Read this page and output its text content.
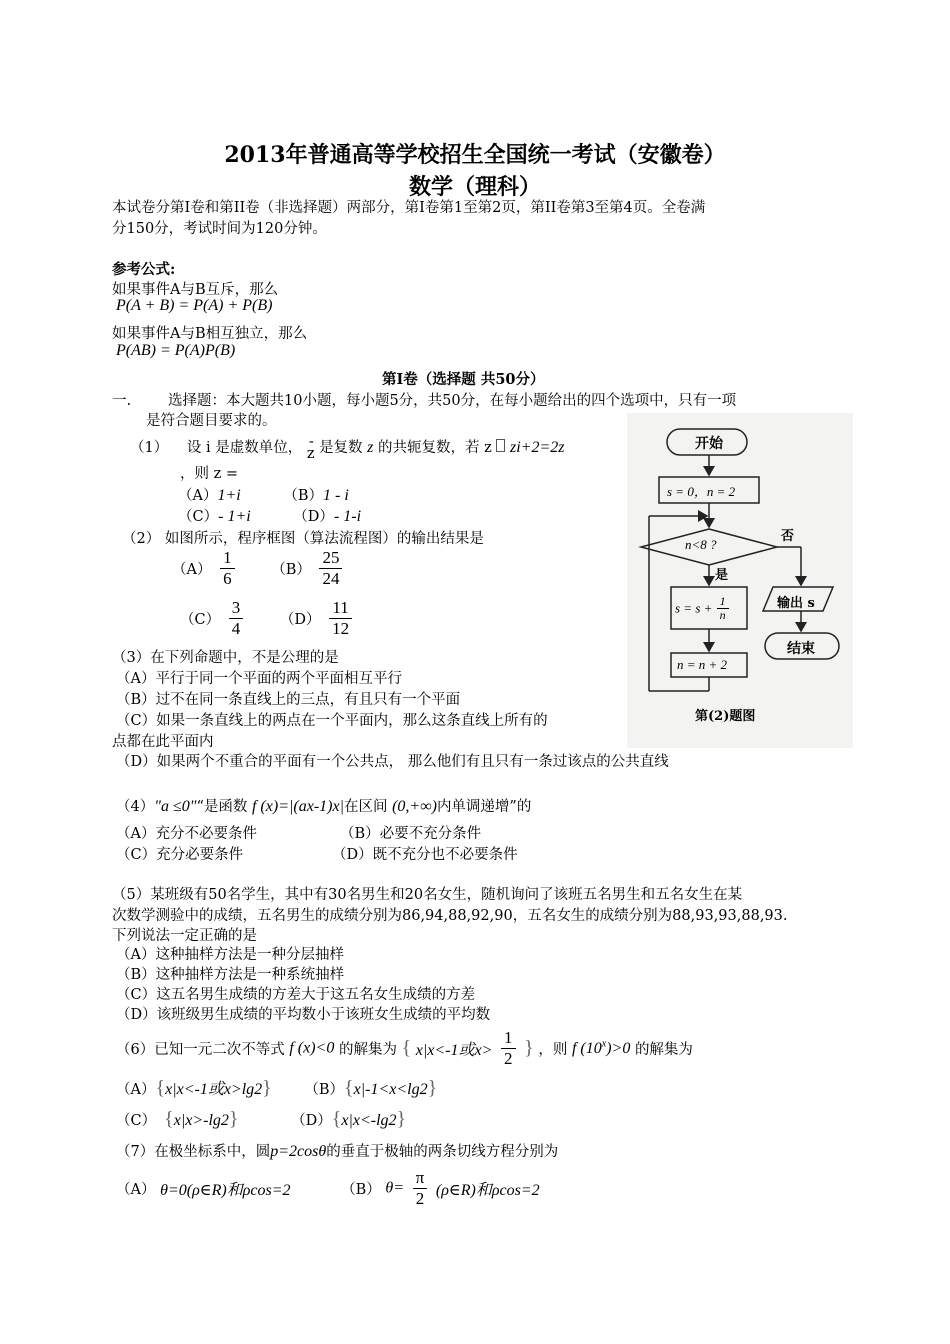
2013年普通高等学校招生全国统一考试（安徽卷）
数学（理科）
本试卷分第Ⅰ卷和第II卷（非选择题）两部分，第Ⅰ卷第1至第2页，第II卷第3至第4页。全卷满
分150分，考试时间为120分钟。
参考公式:
如果事件A与B互斥，那么
P(A + B) = P(A) + P(B)
如果事件A与B相互独立，那么
P(AB) = P(A)P(B)
第Ⅰ卷（选择题 共50分）
一.	选择题：本大题共10小题，每小题5分，共50分，在每小题给出的四个选项中，只有一项
是符合题目要求的。
（1） 设 i 是虚数单位， -
z 是复数 z 的共轭复数，若 z zi+2=2z
，则 z =
（A）1+i	（B）1 - i
（C）- 1+i	（D）- 1-i
（2） 如图所示，程序框图（算法流程图）的输出结果是
$(A) \frac{1}{6}$	$(B) \frac{25}{24}$
$(C) \frac{3}{4}$	$(D) \frac{11}{12}$
开始
s = 0，n = 2
n<8 ?
否
是
$s = s + \frac{1}{n}$	输出 s
结束
n = n + 2
第(2)题图
（3）在下列命题中，不是公理的是
（A）平行于同一个平面的两个平面相互平行
（B）过不在同一条直线上的三点，有且只有一个平面
（C）如果一条直线上的两点在一个平面内，那么这条直线上所有的
点都在此平面内
（D）如果两个不重合的平面有一个公共点， 那么他们有且只有一条过该点的公共直线
（4）"a ≤0"“是函数 f (x)=|(ax-1)x|在区间 (0,+∞)内单调递增”的
（A）充分不必要条件	（B）必要不充分条件
（C）充分必要条件	（D）既不充分也不必要条件
（5）某班级有50名学生，其中有30名男生和20名女生，随机询问了该班五名男生和五名女生在某
次数学测验中的成绩，五名男生的成绩分别为86,94,88,92,90，五名女生的成绩分别为88,93,93,88,93.
下列说法一定正确的是
（A）这种抽样方法是一种分层抽样
（B）这种抽样方法是一种系统抽样
（C）这五名男生成绩的方差大于这五名女生成绩的方差
（D）该班级男生成绩的平均数小于该班女生成绩的平均数
（6）已知一元二次不等式 f (x)<0 的解集为 { x|x<-1或$x> \frac{1}{2}$ } ，则 f $(10^x)>0$ 的解集为
（A）{x|x<-1或x>lg2} （B）{x|-1<x<lg2}
（C） {x|x>-lg2}	（D）{x|x<-lg2}
（7）在极坐标系中，圆p=2cosθ的垂直于极轴的两条切线方程分别为
（A） θ=0(ρ∈R)和ρcos=2	（B） $\theta= \frac{\pi}{2}$ (ρ∈R)和ρcos=2
